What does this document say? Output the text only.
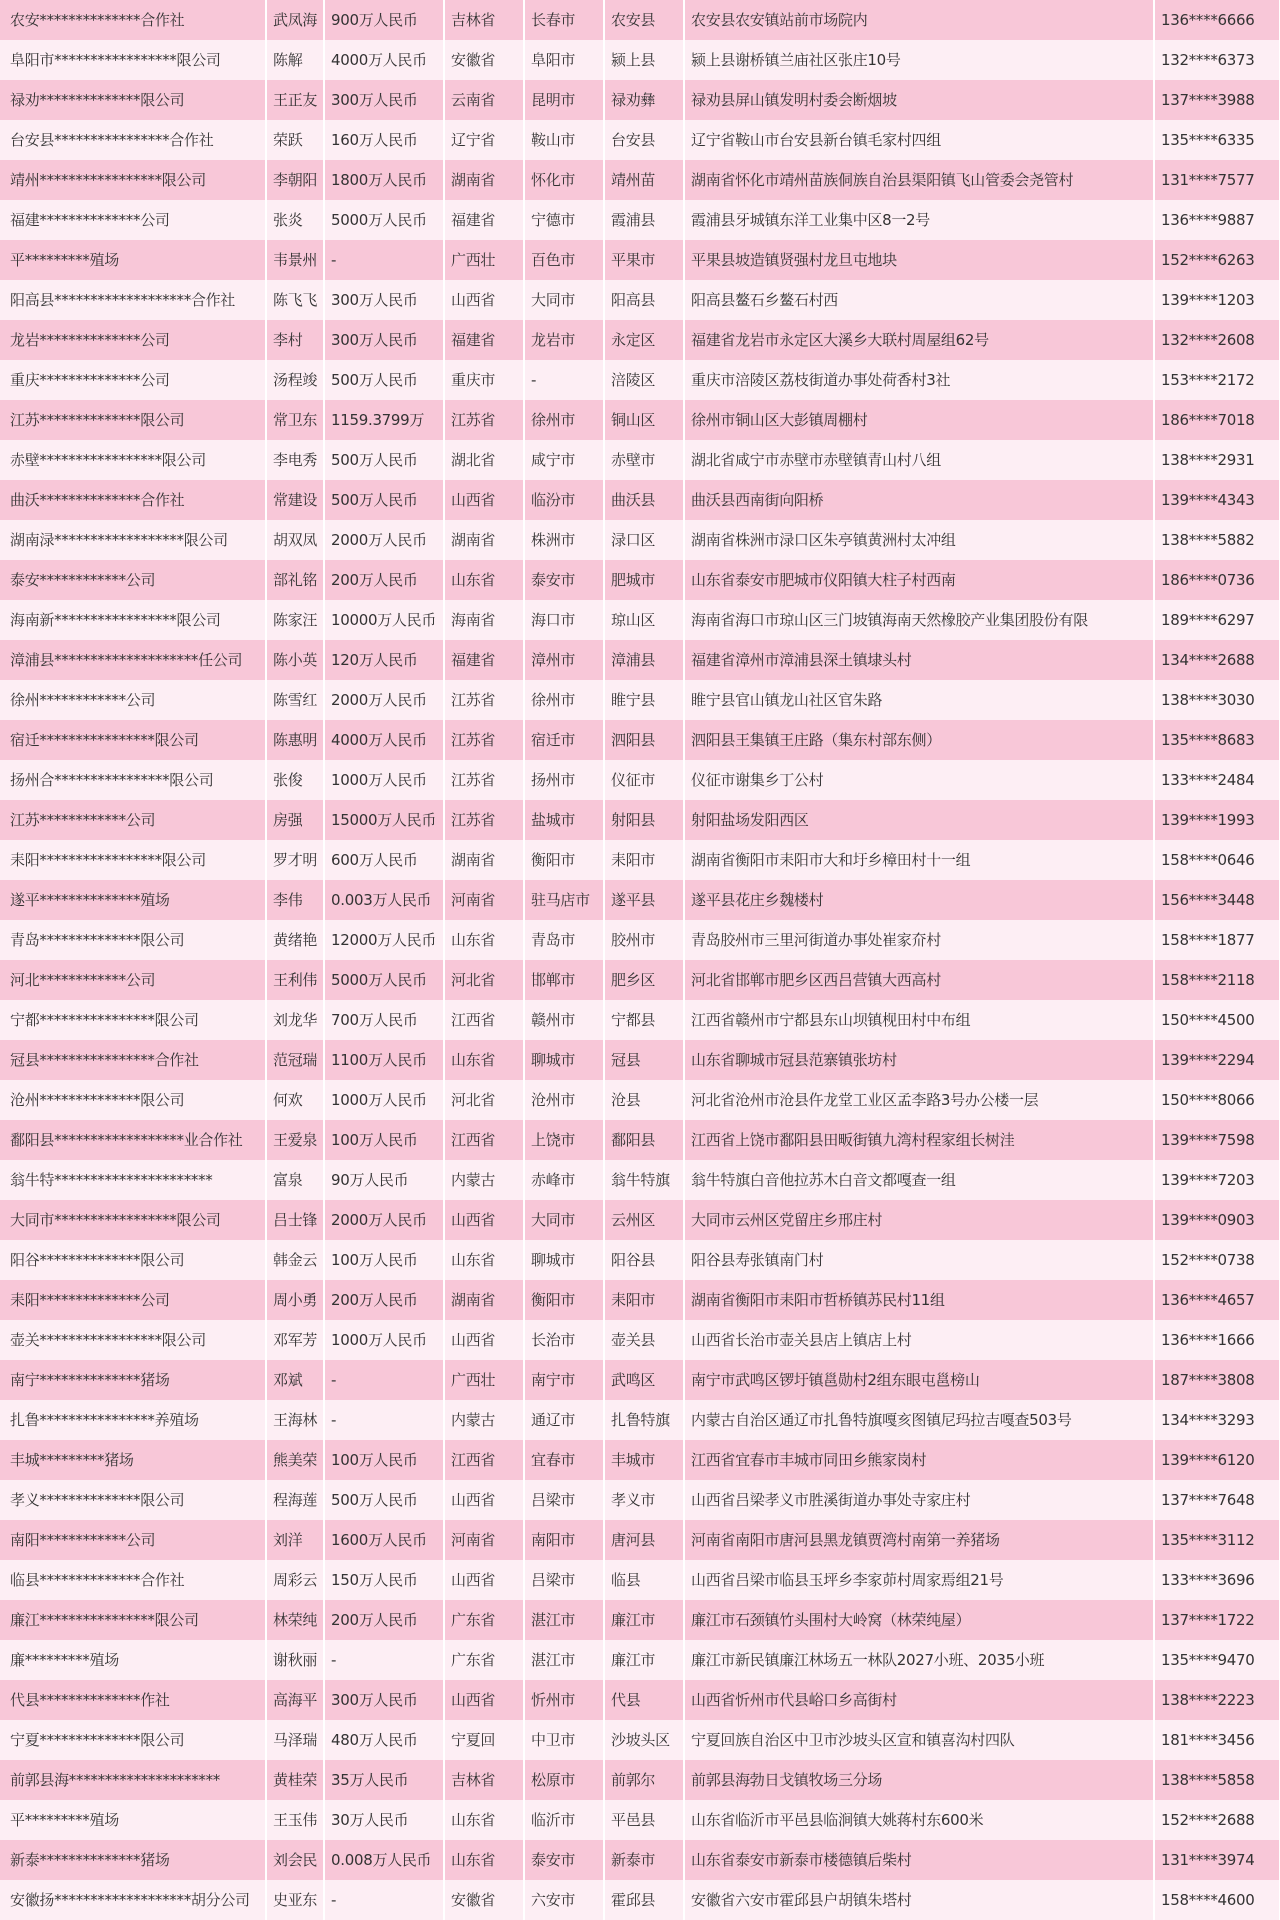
农安**************合作社	武凤海	900万人民币	吉林省	长春市	农安县	农安县农安镇站前市场院内	136****6666
阜阳市*****************限公司	陈解	4000万人民币	安徽省	阜阳市	颍上县	颍上县谢桥镇兰庙社区张庄10号	132****6373
禄劝**************限公司	王正友	300万人民币	云南省	昆明市	禄劝彝	禄劝县屏山镇发明村委会断烟坡	137****3988
台安县****************合作社	荣跃	160万人民币	辽宁省	鞍山市	台安县	辽宁省鞍山市台安县新台镇毛家村四组	135****6335
靖州*****************限公司	李朝阳	1800万人民币	湖南省	怀化市	靖州苗	湖南省怀化市靖州苗族侗族自治县渠阳镇飞山管委会尧管村	131****7577
福建**************公司	张炎	5000万人民币	福建省	宁德市	霞浦县	霞浦县牙城镇东洋工业集中区8一2号	136****9887
平*********殖场	韦景州	-	广西壮	百色市	平果市	平果县坡造镇贤强村龙旦屯地块	152****6263
阳高县*******************合作社	陈飞飞	300万人民币	山西省	大同市	阳高县	阳高县鳌石乡鳌石村西	139****1203
龙岩**************公司	李村	300万人民币	福建省	龙岩市	永定区	福建省龙岩市永定区大溪乡大联村周屋组62号	132****2608
重庆**************公司	汤程竣	500万人民币	重庆市	-	涪陵区	重庆市涪陵区荔枝街道办事处荷香村3社	153****2172
江苏**************限公司	常卫东	1159.3799万	江苏省	徐州市	铜山区	徐州市铜山区大彭镇周棚村	186****7018
赤壁*****************限公司	李电秀	500万人民币	湖北省	咸宁市	赤壁市	湖北省咸宁市赤壁市赤壁镇青山村八组	138****2931
曲沃**************合作社	常建设	500万人民币	山西省	临汾市	曲沃县	曲沃县西南街向阳桥	139****4343
湖南渌******************限公司	胡双凤	2000万人民币	湖南省	株洲市	渌口区	湖南省株洲市渌口区朱亭镇黄洲村太冲组	138****5882
泰安************公司	部礼铭	200万人民币	山东省	泰安市	肥城市	山东省泰安市肥城市仪阳镇大柱子村西南	186****0736
海南新*****************限公司	陈家汪	10000万人民币	海南省	海口市	琼山区	海南省海口市琼山区三门坡镇海南天然橡胶产业集团股份有限	189****6297
漳浦县********************任公司	陈小英	120万人民币	福建省	漳州市	漳浦县	福建省漳州市漳浦县深土镇埭头村	134****2688
徐州************公司	陈雪红	2000万人民币	江苏省	徐州市	睢宁县	睢宁县官山镇龙山社区官朱路	138****3030
宿迁****************限公司	陈惠明	4000万人民币	江苏省	宿迁市	泗阳县	泗阳县王集镇王庄路（集东村部东侧）	135****8683
扬州合****************限公司	张俊	1000万人民币	江苏省	扬州市	仪征市	仪征市谢集乡丁公村	133****2484
江苏************公司	房强	15000万人民币	江苏省	盐城市	射阳县	射阳盐场发阳西区	139****1993
耒阳*****************限公司	罗才明	600万人民币	湖南省	衡阳市	耒阳市	湖南省衡阳市耒阳市大和圩乡樟田村十一组	158****0646
遂平**************殖场	李伟	0.003万人民币	河南省	驻马店市	遂平县	遂平县花庄乡魏楼村	156****3448
青岛**************限公司	黄绪艳	12000万人民币	山东省	青岛市	胶州市	青岛胶州市三里河街道办事处崔家夼村	158****1877
河北************公司	王利伟	5000万人民币	河北省	邯郸市	肥乡区	河北省邯郸市肥乡区西吕营镇大西高村	158****2118
宁都****************限公司	刘龙华	700万人民币	江西省	赣州市	宁都县	江西省赣州市宁都县东山坝镇枧田村中布组	150****4500
冠县****************合作社	范冠瑞	1100万人民币	山东省	聊城市	冠县	山东省聊城市冠县范寨镇张坊村	139****2294
沧州**************限公司	何欢	1000万人民币	河北省	沧州市	沧县	河北省沧州市沧县仵龙堂工业区孟李路3号办公楼一层	150****8066
鄱阳县******************业合作社	王爱泉	100万人民币	江西省	上饶市	鄱阳县	江西省上饶市鄱阳县田畈街镇九湾村程家组长树洼	139****7598
翁牛特**********************	富泉	90万人民币	内蒙古	赤峰市	翁牛特旗	翁牛特旗白音他拉苏木白音文都嘎查一组	139****7203
大同市*****************限公司	吕士锋	2000万人民币	山西省	大同市	云州区	大同市云州区党留庄乡邢庄村	139****0903
阳谷**************限公司	韩金云	100万人民币	山东省	聊城市	阳谷县	阳谷县寿张镇南门村	152****0738
耒阳**************公司	周小勇	200万人民币	湖南省	衡阳市	耒阳市	湖南省衡阳市耒阳市哲桥镇苏民村11组	136****4657
壶关*****************限公司	邓军芳	1000万人民币	山西省	长治市	壶关县	山西省长治市壶关县店上镇店上村	136****1666
南宁**************猪场	邓斌	-	广西壮	南宁市	武鸣区	南宁市武鸣区锣圩镇邕勋村2组东眼屯邕榜山	187****3808
扎鲁****************养殖场	王海林	-	内蒙古	通辽市	扎鲁特旗	内蒙古自治区通辽市扎鲁特旗嘎亥图镇尼玛拉吉嘎查503号	134****3293
丰城*********猪场	熊美荣	100万人民币	江西省	宜春市	丰城市	江西省宜春市丰城市同田乡熊家岗村	139****6120
孝义**************限公司	程海莲	500万人民币	山西省	吕梁市	孝义市	山西省吕梁孝义市胜溪街道办事处寺家庄村	137****7648
南阳************公司	刘洋	1600万人民币	河南省	南阳市	唐河县	河南省南阳市唐河县黑龙镇贾湾村南第一养猪场	135****3112
临县**************合作社	周彩云	150万人民币	山西省	吕梁市	临县	山西省吕梁市临县玉坪乡李家茆村周家焉组21号	133****3696
廉江****************限公司	林荣纯	200万人民币	广东省	湛江市	廉江市	廉江市石颈镇竹头围村大岭窝（林荣纯屋）	137****1722
廉*********殖场	谢秋丽	-	广东省	湛江市	廉江市	廉江市新民镇廉江林场五一林队2027小班、2035小班	135****9470
代县**************作社	高海平	300万人民币	山西省	忻州市	代县	山西省忻州市代县峪口乡高街村	138****2223
宁夏**************限公司	马泽瑞	480万人民币	宁夏回	中卫市	沙坡头区	宁夏回族自治区中卫市沙坡头区宣和镇喜沟村四队	181****3456
前郭县海*********************	黄桂荣	35万人民币	吉林省	松原市	前郭尔	前郭县海勃日戈镇牧场三分场	138****5858
平*********殖场	王玉伟	30万人民币	山东省	临沂市	平邑县	山东省临沂市平邑县临涧镇大姚蒋村东600米	152****2688
新泰**************猪场	刘会民	0.008万人民币	山东省	泰安市	新泰市	山东省泰安市新泰市楼德镇后柴村	131****3974
安徽扬*******************胡分公司	史亚东	-	安徽省	六安市	霍邱县	安徽省六安市霍邱县户胡镇朱塔村	158****4600
